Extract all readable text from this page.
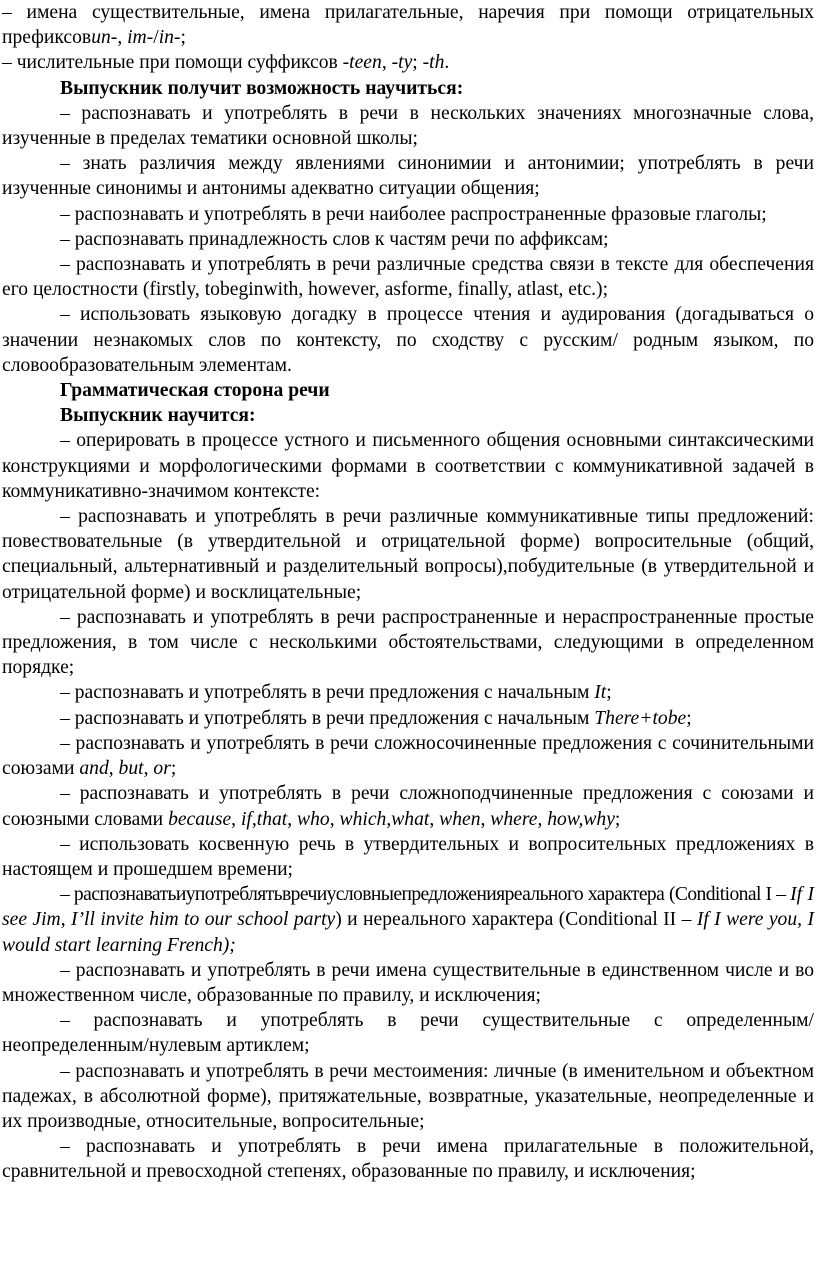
– имена существительные, имена прилагательные, наречия при помощи отрицательных префиксовun-, im-/in-;

– числительные при помощи суффиксов -teen, -ty; -th.

Выпускник получит возможность научиться:

– распознавать и употреблять в речи в нескольких значениях многозначные слова, изученные в пределах тематики основной школы;

– знать различия между явлениями синонимии и антонимии; употреблять в речи изученные синонимы и антонимы адекватно ситуации общения;

– распознавать и употреблять в речи наиболее распространенные фразовые глаголы;

– распознавать принадлежность слов к частям речи по аффиксам;

– распознавать и употреблять в речи различные средства связи в тексте для обеспечения его целостности (firstly, tobeginwith, however, asforme, finally, atlast, etc.);

– использовать языковую догадку в процессе чтения и аудирования (догадываться о значении незнакомых слов по контексту, по сходству с русским/ родным языком, по словообразовательным элементам.

Грамматическая сторона речи

Выпускник научится:

– оперировать в процессе устного и письменного общения основными синтаксическими конструкциями и морфологическими формами в соответствии с коммуникативной задачей в коммуникативно-значимом контексте:

– распознавать и употреблять в речи различные коммуникативные типы предложений: повествовательные (в утвердительной и отрицательной форме) вопросительные (общий, специальный, альтернативный и разделительный вопросы),побудительные (в утвердительной и отрицательной форме) и восклицательные;

– распознавать и употреблять в речи распространенные и нераспространенные простые предложения, в том числе с несколькими обстоятельствами, следующими в определенном порядке;

– распознавать и употреблять в речи предложения с начальным It;

– распознавать и употреблять в речи предложения с начальным There+tobe;

– распознавать и употреблять в речи сложносочиненные предложения с сочинительными союзами and, but, or;

– распознавать и употреблять в речи сложноподчиненные предложения с союзами и союзными словами because, if,that, who, which,what, when, where, how,why;

– использовать косвенную речь в утвердительных и вопросительных предложениях в настоящем и прошедшем времени;

– распознаватьиупотреблятьвречиусловныепредложенияреального характера (Conditional I – If I see Jim, I’ll invite him to our school party) и нереального характера (Conditional II – If I were you, I would start learning French);

– распознавать и употреблять в речи имена существительные в единственном числе и во множественном числе, образованные по правилу, и исключения;

– распознавать и употреблять в речи существительные с определенным/ неопределенным/нулевым артиклем;

– распознавать и употреблять в речи местоимения: личные (в именительном и объектном падежах, в абсолютной форме), притяжательные, возвратные, указательные, неопределенные и их производные, относительные, вопросительные;

– распознавать и употреблять в речи имена прилагательные в положительной, сравнительной и превосходной степенях, образованные по правилу, и исключения;
